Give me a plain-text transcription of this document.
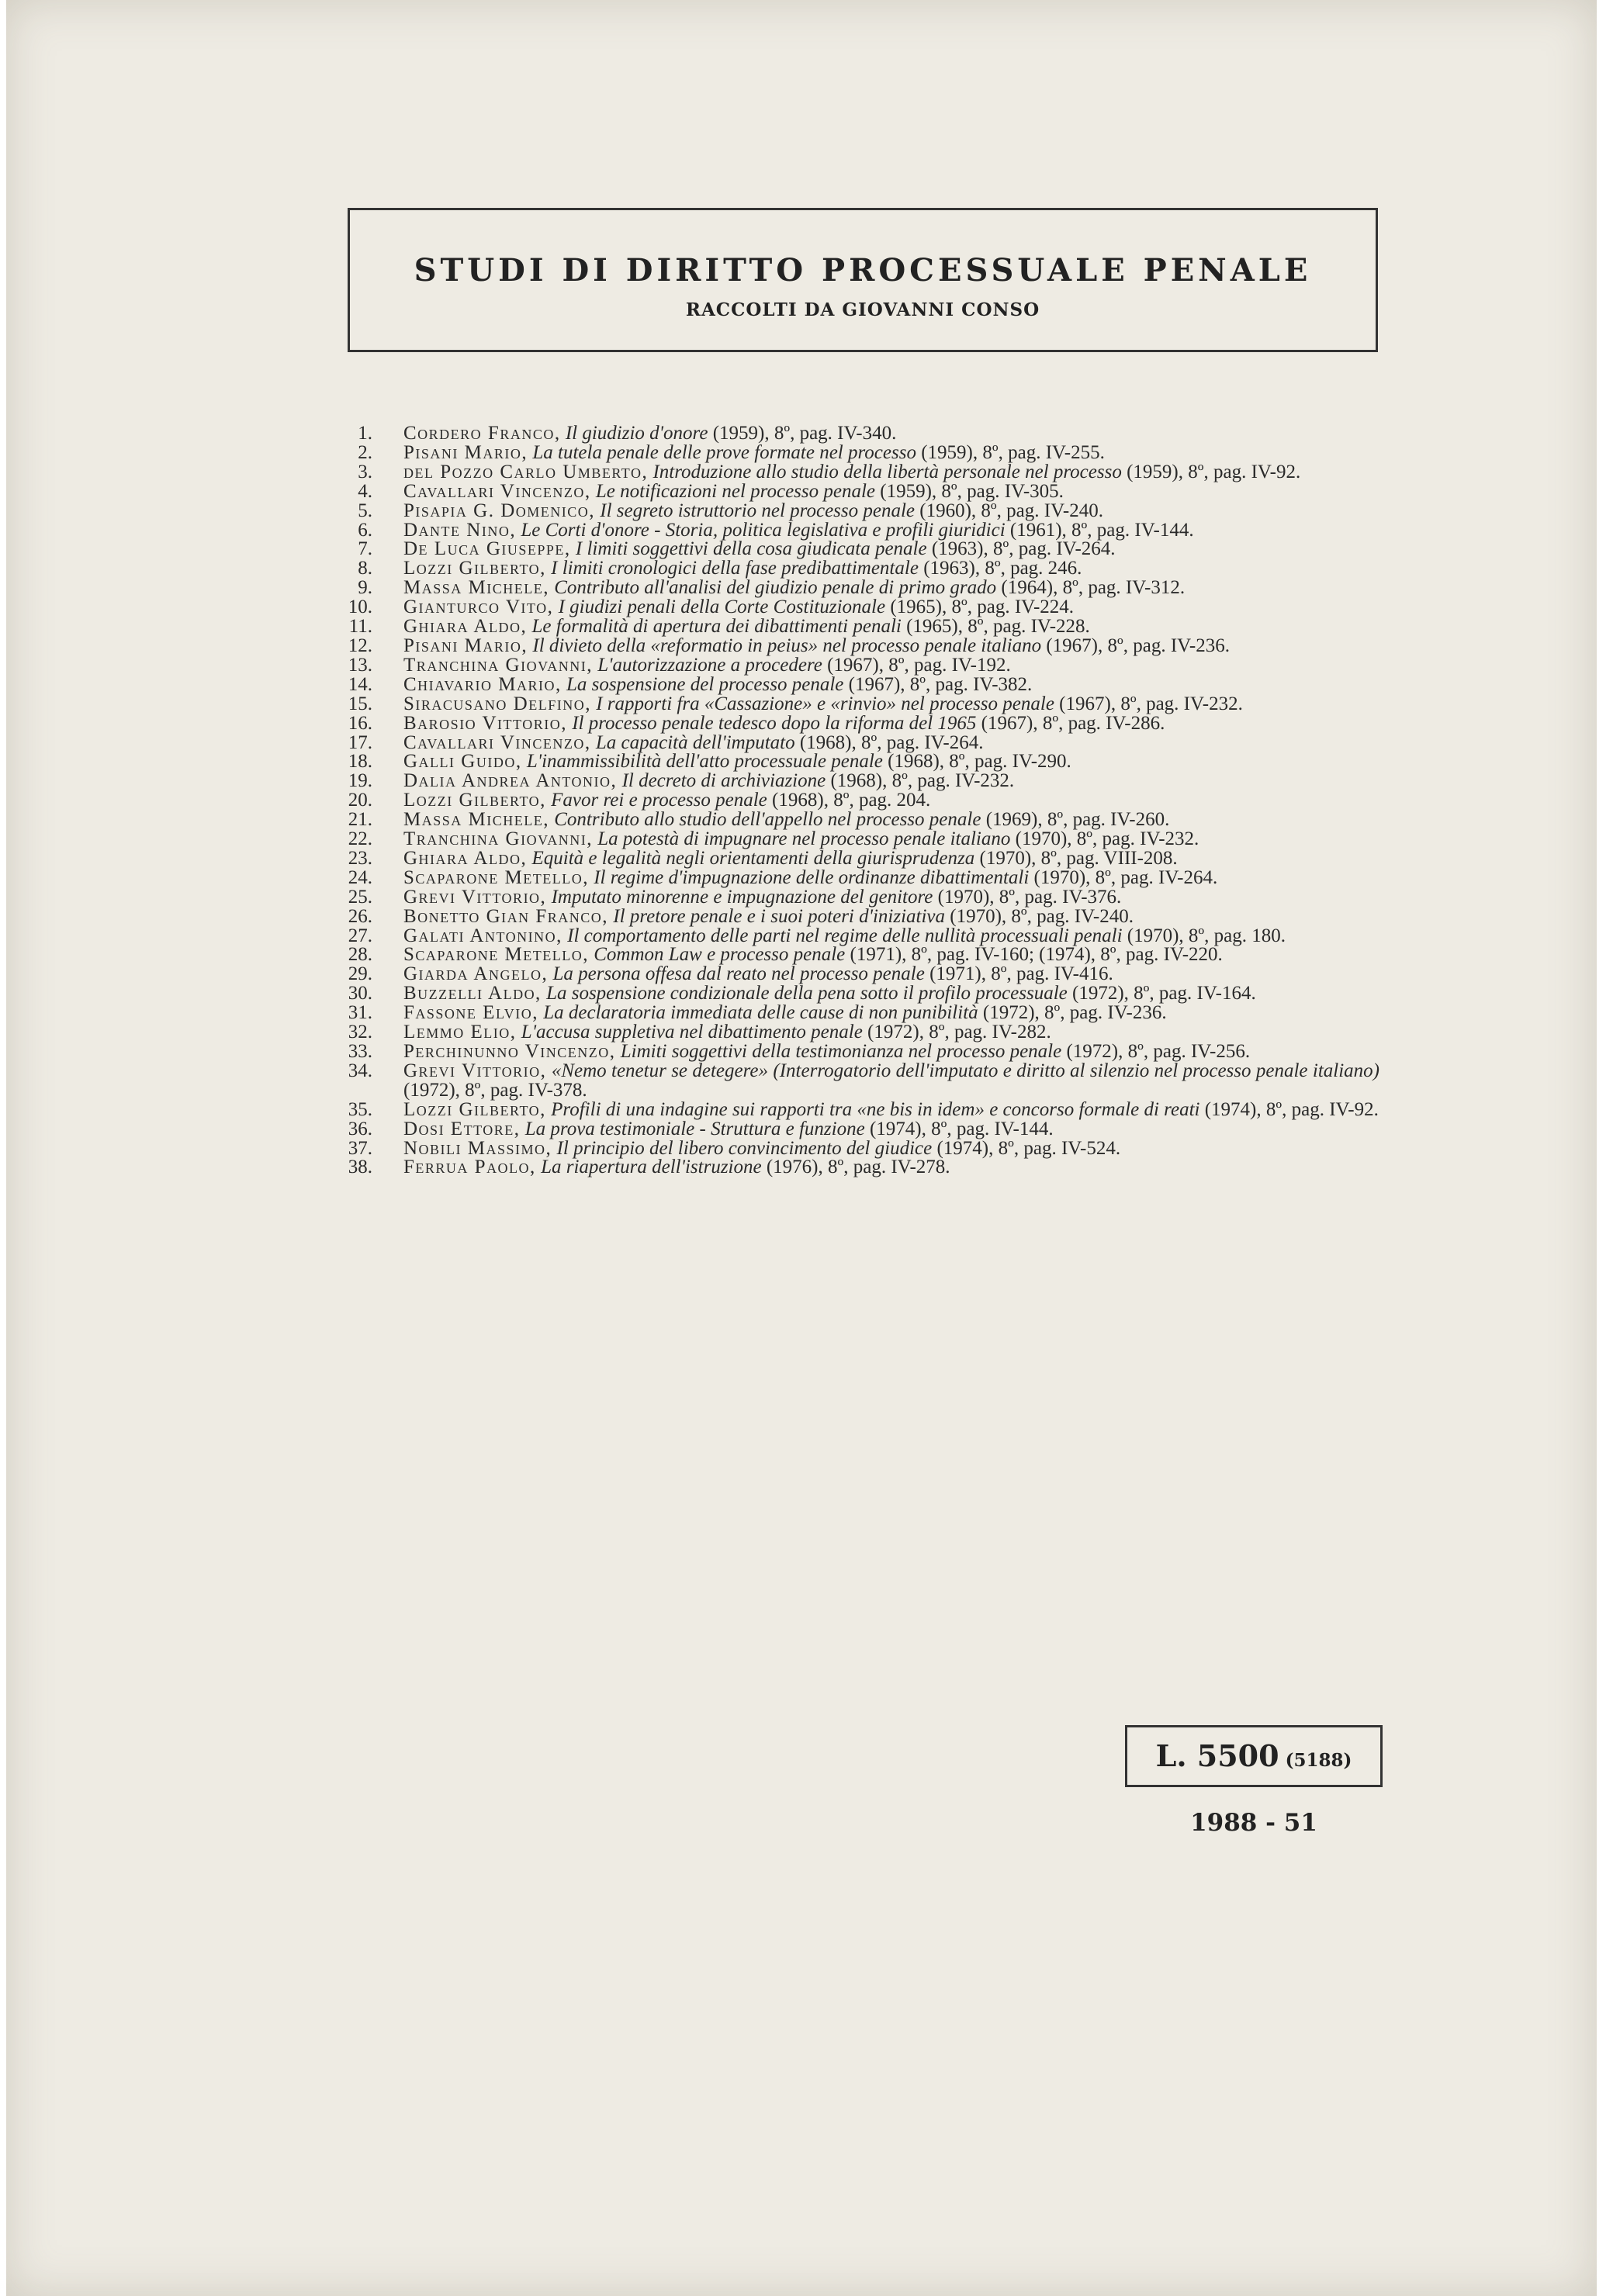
STUDI DI DIRITTO PROCESSUALE PENALE
RACCOLTI DA GIOVANNI CONSO
1. Cordero Franco, Il giudizio d'onore (1959), 8º, pag. IV-340.
2. Pisani Mario, La tutela penale delle prove formate nel processo (1959), 8º, pag. IV-255.
3. del Pozzo Carlo Umberto, Introduzione allo studio della libertà personale nel processo (1959), 8º, pag. IV-92.
4. Cavallari Vincenzo, Le notificazioni nel processo penale (1959), 8º, pag. IV-305.
5. Pisapia G. Domenico, Il segreto istruttorio nel processo penale (1960), 8º, pag. IV-240.
6. Dante Nino, Le Corti d'onore - Storia, politica legislativa e profili giuridici (1961), 8º, pag. IV-144.
7. De Luca Giuseppe, I limiti soggettivi della cosa giudicata penale (1963), 8º, pag. IV-264.
8. Lozzi Gilberto, I limiti cronologici della fase predibattimentale (1963), 8º, pag. 246.
9. Massa Michele, Contributo all'analisi del giudizio penale di primo grado (1964), 8º, pag. IV-312.
10. Gianturco Vito, I giudizi penali della Corte Costituzionale (1965), 8º, pag. IV-224.
11. Ghiara Aldo, Le formalità di apertura dei dibattimenti penali (1965), 8º, pag. IV-228.
12. Pisani Mario, Il divieto della «reformatio in peius» nel processo penale italiano (1967), 8º, pag. IV-236.
13. Tranchina Giovanni, L'autorizzazione a procedere (1967), 8º, pag. IV-192.
14. Chiavario Mario, La sospensione del processo penale (1967), 8º, pag. IV-382.
15. Siracusano Delfino, I rapporti fra «Cassazione» e «rinvio» nel processo penale (1967), 8º, pag. IV-232.
16. Barosio Vittorio, Il processo penale tedesco dopo la riforma del 1965 (1967), 8º, pag. IV-286.
17. Cavallari Vincenzo, La capacità dell'imputato (1968), 8º, pag. IV-264.
18. Galli Guido, L'inammissibilità dell'atto processuale penale (1968), 8º, pag. IV-290.
19. Dalia Andrea Antonio, Il decreto di archiviazione (1968), 8º, pag. IV-232.
20. Lozzi Gilberto, Favor rei e processo penale (1968), 8º, pag. 204.
21. Massa Michele, Contributo allo studio dell'appello nel processo penale (1969), 8º, pag. IV-260.
22. Tranchina Giovanni, La potestà di impugnare nel processo penale italiano (1970), 8º, pag. IV-232.
23. Ghiara Aldo, Equità e legalità negli orientamenti della giurisprudenza (1970), 8º, pag. VIII-208.
24. Scaparone Metello, Il regime d'impugnazione delle ordinanze dibattimentali (1970), 8º, pag. IV-264.
25. Grevi Vittorio, Imputato minorenne e impugnazione del genitore (1970), 8º, pag. IV-376.
26. Bonetto Gian Franco, Il pretore penale e i suoi poteri d'iniziativa (1970), 8º, pag. IV-240.
27. Galati Antonino, Il comportamento delle parti nel regime delle nullità processuali penali (1970), 8º, pag. 180.
28. Scaparone Metello, Common Law e processo penale (1971), 8º, pag. IV-160; (1974), 8º, pag. IV-220.
29. Giarda Angelo, La persona offesa dal reato nel processo penale (1971), 8º, pag. IV-416.
30. Buzzelli Aldo, La sospensione condizionale della pena sotto il profilo processuale (1972), 8º, pag. IV-164.
31. Fassone Elvio, La declaratoria immediata delle cause di non punibilità (1972), 8º, pag. IV-236.
32. Lemmo Elio, L'accusa suppletiva nel dibattimento penale (1972), 8º, pag. IV-282.
33. Perchinunno Vincenzo, Limiti soggettivi della testimonianza nel processo penale (1972), 8º, pag. IV-256.
34. Grevi Vittorio, «Nemo tenetur se detegere» (Interrogatorio dell'imputato e diritto al silenzio nel processo penale italiano) (1972), 8º, pag. IV-378.
35. Lozzi Gilberto, Profili di una indagine sui rapporti tra «ne bis in idem» e concorso formale di reati (1974), 8º, pag. IV-92.
36. Dosi Ettore, La prova testimoniale - Struttura e funzione (1974), 8º, pag. IV-144.
37. Nobili Massimo, Il principio del libero convincimento del giudice (1974), 8º, pag. IV-524.
38. Ferrua Paolo, La riapertura dell'istruzione (1976), 8º, pag. IV-278.
L. 5500 (5188)
1988 - 51
